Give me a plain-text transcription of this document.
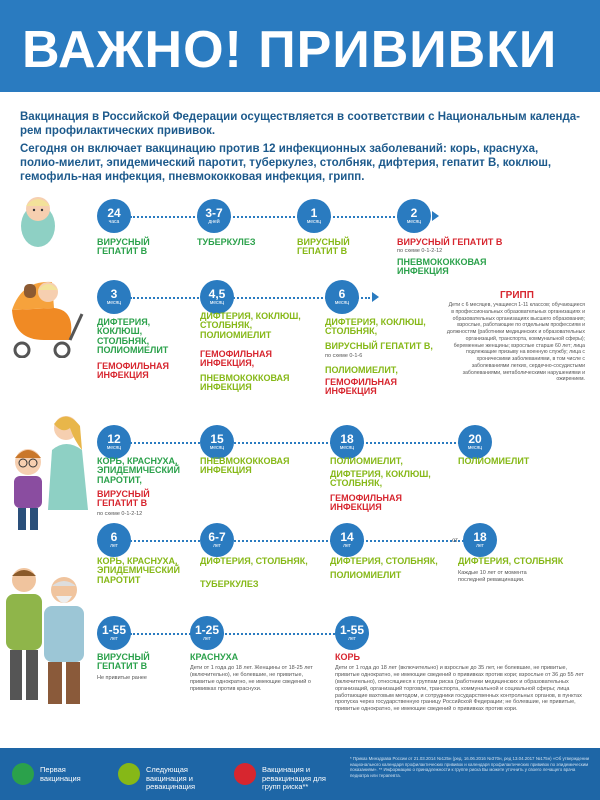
ВАЖНО! ПРИВИВКИ

Вакцинация в Российской Федерации осуществляется в соответствии с Национальным календа-рем профилактических прививок.

Сегодня он включает вакцинацию против 12 инфекционных заболеваний: корь, краснуха, полио-миелит, эпидемический паротит, туберкулез, столбняк, дифтерия, гепатит В, коклюш, гемофиль-ная инфекция, пневмококковая инфекция, грипп.

24
часа
3-7
дней
1
месяц
2
месяц
ВИРУСНЫЙ ГЕПАТИТ В
ТУБЕРКУЛЕЗ	ВИРУСНЫЙ ГЕПАТИТ В
ВИРУСНЫЙ ГЕПАТИТ В
по схеме 0-1-2-12
ПНЕВМОКОККОВАЯ ИНФЕКЦИЯ
3
месяц
4,5
месяц
6
месяц
ДИФТЕРИЯ, КОКЛЮШ, СТОЛБНЯК, ПОЛИОМИЕЛИТ
ГЕМОФИЛЬНАЯ ИНФЕКЦИЯ
ДИФТЕРИЯ, КОКЛЮШ, СТОЛБНЯК, ПОЛИОМИЕЛИТ
ГЕМОФИЛЬНАЯ ИНФЕКЦИЯ,
ПНЕВМОКОККОВАЯ ИНФЕКЦИЯ
ДИФТЕРИЯ, КОКЛЮШ, СТОЛБНЯК,
ВИРУСНЫЙ ГЕПАТИТ В,
по схеме 0-1-6
ПОЛИОМИЕЛИТ,
ГЕМОФИЛЬНАЯ ИНФЕКЦИЯ
ГРИПП
Дети с 6 месяцев, учащиеся 1-11 классов; обучающиеся в профессиональных образовательных организациях и образовательных организациях высшего образования; взрослые, работающие по отдельным профессиям и должностям (работники медицинских и образовательных организаций, транспорта, коммунальной сферы); беременные женщины; взрослые старше 60 лет; лица подлежащие призыву на военную службу; лица с хроническими заболеваниями, в том числе с заболеваниями легких, сердечно-сосудистыми заболеваниями, метаболическими нарушениями и ожирением.
12
месяц
15
месяц
18
месяц
20
месяц
КОРЬ, КРАСНУХА, ЭПИДЕМИЧЕСКИЙ ПАРОТИТ,
ВИРУСНЫЙ ГЕПАТИТ В
по схеме 0-1-2-12
ПНЕВМОКОККОВАЯ ИНФЕКЦИЯ
ПОЛИОМИЕЛИТ,
ДИФТЕРИЯ, КОКЛЮШ, СТОЛБНЯК,
ГЕМОФИЛЬНАЯ ИНФЕКЦИЯ
ПОЛИОМИЕЛИТ
6
лет
6-7
лет
14
лет
от	18
лет
КОРЬ, КРАСНУХА, ЭПИДЕМИЧЕСКИЙ ПАРОТИТ
ДИФТЕРИЯ, СТОЛБНЯК,
ТУБЕРКУЛЕЗ
ДИФТЕРИЯ, СТОЛБНЯК,
ПОЛИОМИЕЛИТ
ДИФТЕРИЯ, СТОЛБНЯК
Каждые 10 лет от момента последней ревакцинации.
1-55
лет
1-25
лет
1-55
лет
ВИРУСНЫЙ ГЕПАТИТ В
Не привитые ранее
КРАСНУХА
Дети от 1 года до 18 лет. Женщины от 18-25 лет (включительно), не болевшие, не привитые, привитые однократно, не имеющие сведений о прививках против краснухи.
КОРЬ
Дети от 1 года до 18 лет (включительно) и взрослые до 35 лет, не болевшие, не привитые, привитые однократно, не имеющие сведений о прививках против кори; взрослые от 36 до 55 лет (включительно), относящиеся к группам риска (работники медицинских и образовательных организаций, организаций торговли, транспорта, коммунальной и социальной сферы; лица работающие вахтовым методом, и сотрудники государственных контрольных органов, в пунктах пропуска через государственную границу Российской Федерации; не болевшие, не привитые, привитые однократно, не имеющие сведений о прививках против кори.
Первая вакцинация
Следующая вакцинация и ревакцинация
Вакцинация и ревакцинация для групп риска**
* Приказ Минздрава России от 21.03.2014 №125н (ред. 16.06.2016 №370н, ред 13.04.2017 №175н) «Об утверждении национального календаря профилактических прививок и календаря профилактических прививок по эпидемическим показаниям». ** Информацию о принадлежности к группе риска Вы можете уточнить у своего лечащего врача педиатра или терапевта.
